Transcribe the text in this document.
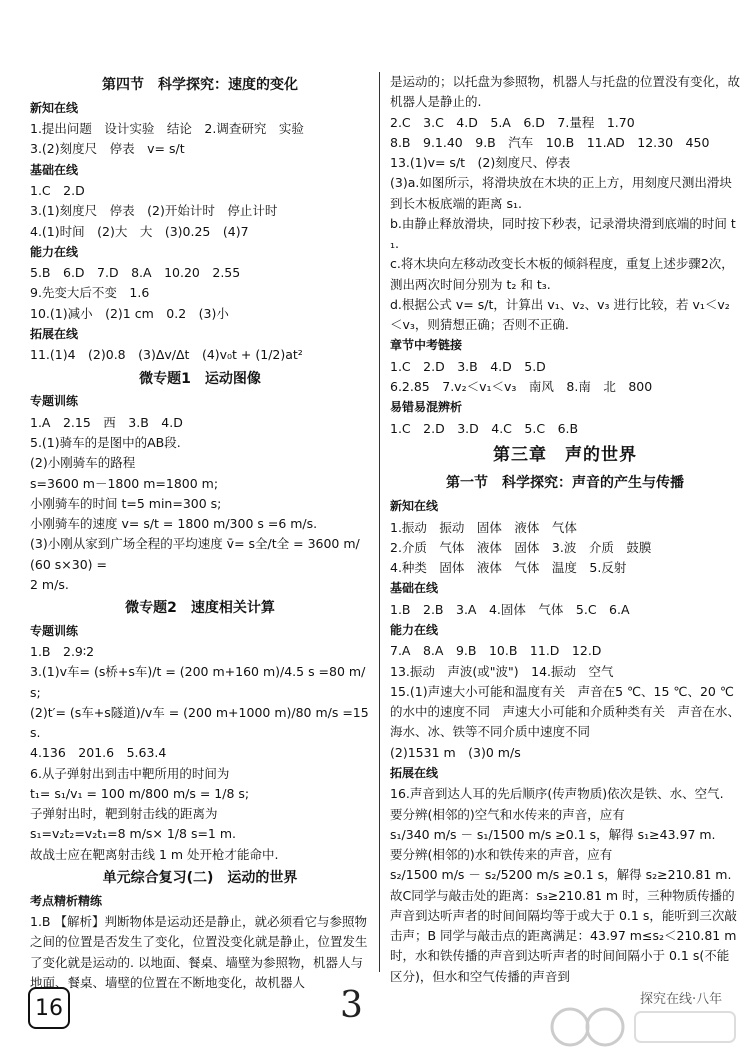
第四节　科学探究：速度的变化
新知在线
1.提出问题　设计实验　结论　2.调查研究　实验
3.(2)刻度尺　停表　v= s/t
基础在线
1.C　2.D
3.(1)刻度尺　停表　(2)开始计时　停止计时
4.(1)时间　(2)大　大　(3)0.25　(4)7
能力在线
5.B　6.D　7.D　8.A　10.20　2.55
9.先变大后不变　1.6
10.(1)减小　(2)1 cm　0.2　(3)小
拓展在线
11.(1)4　(2)0.8　(3)Δv/Δt　(4)v₀t + (1/2)at²
微专题1　运动图像
专题训练
1.A　2.15　西　3.B　4.D
5.(1)骑车的是图中的AB段.
(2)小刚骑车的路程
s=3600 m－1800 m=1800 m;
小刚骑车的时间 t=5 min=300 s;
小刚骑车的速度 v= s/t = 1800 m/300 s =6 m/s.
(3)小刚从家到广场全程的平均速度 v̄= s全/t全 = 3600 m/(60 s×30) =
2 m/s.
微专题2　速度相关计算
专题训练
1.B　2.9∶2
3.(1)v车= (s桥+s车)/t = (200 m+160 m)/4.5 s =80 m/s;
(2)t′= (s车+s隧道)/v车 = (200 m+1000 m)/80 m/s =15 s.
4.136　201.6　5.63.4
6.从子弹射出到击中靶所用的时间为
t₁= s₁/v₁ = 100 m/800 m/s = 1/8 s;
子弹射出时，靶到射击线的距离为
s₁=v₂t₂=v₂t₁=8 m/s× 1/8 s=1 m.
故战士应在靶离射击线 1 m 处开枪才能命中.
单元综合复习(二)　运动的世界
考点精析精练
1.B 【解析】判断物体是运动还是静止，就必须看它与参照物之间的位置是否发生了变化，位置没变化就是静止，位置发生了变化就是运动的. 以地面、餐桌、墙壁为参照物，机器人与地面、餐桌、墙壁的位置在不断地变化，故机器人
是运动的；以托盘为参照物，机器人与托盘的位置没有变化，故机器人是静止的.
2.C　3.C　4.D　5.A　6.D　7.量程　1.70
8.B　9.1.40　9.B　汽车　10.B　11.AD　12.30　450
13.(1)v= s/t　(2)刻度尺、停表
(3)a.如图所示，将滑块放在木块的正上方，用刻度尺测出滑块到长木板底端的距离 s₁.
b.由静止释放滑块，同时按下秒表，记录滑块滑到底端的时间 t₁.
c.将木块向左移动改变长木板的倾斜程度，重复上述步骤2次，测出两次时间分别为 t₂ 和 t₃.
d.根据公式 v= s/t，计算出 v₁、v₂、v₃ 进行比较，若 v₁＜v₂＜v₃，则猜想正确；否则不正确.
章节中考链接
1.C　2.D　3.B　4.D　5.D
6.2.85　7.v₂＜v₁＜v₃　南风　8.南　北　800
易错易混辨析
1.C　2.D　3.D　4.C　5.C　6.B
第三章　声的世界
第一节　科学探究：声音的产生与传播
新知在线
1.振动　振动　固体　液体　气体
2.介质　气体　液体　固体　3.波　介质　鼓膜
4.种类　固体　液体　气体　温度　5.反射
基础在线
1.B　2.B　3.A　4.固体　气体　5.C　6.A
能力在线
7.A　8.A　9.B　10.B　11.D　12.D
13.振动　声波(或"波")　14.振动　空气
15.(1)声速大小可能和温度有关　声音在5 ℃、15 ℃、20 ℃的水中的速度不同　声速大小可能和介质种类有关　声音在水、海水、冰、铁等不同介质中速度不同
(2)1531 m　(3)0 m/s
拓展在线
16.声音到达人耳的先后顺序(传声物质)依次是铁、水、空气. 要分辨(相邻的)空气和水传来的声音，应有
s₁/340 m/s － s₁/1500 m/s ≥0.1 s，解得 s₁≥43.97 m.
要分辨(相邻的)水和铁传来的声音，应有
s₂/1500 m/s － s₂/5200 m/s ≥0.1 s，解得 s₂≥210.81 m.
故C同学与敲击处的距离：s₃≥210.81 m 时，三种物质传播的声音到达听声者的时间间隔均等于或大于 0.1 s，能听到三次敲击声；B 同学与敲击点的距离满足：43.97 m≤s₂＜210.81 m 时，水和铁传播的声音到达听声者的时间间隔小于 0.1 s(不能区分)，但水和空气传播的声音到
16	3	探究在线·八年
